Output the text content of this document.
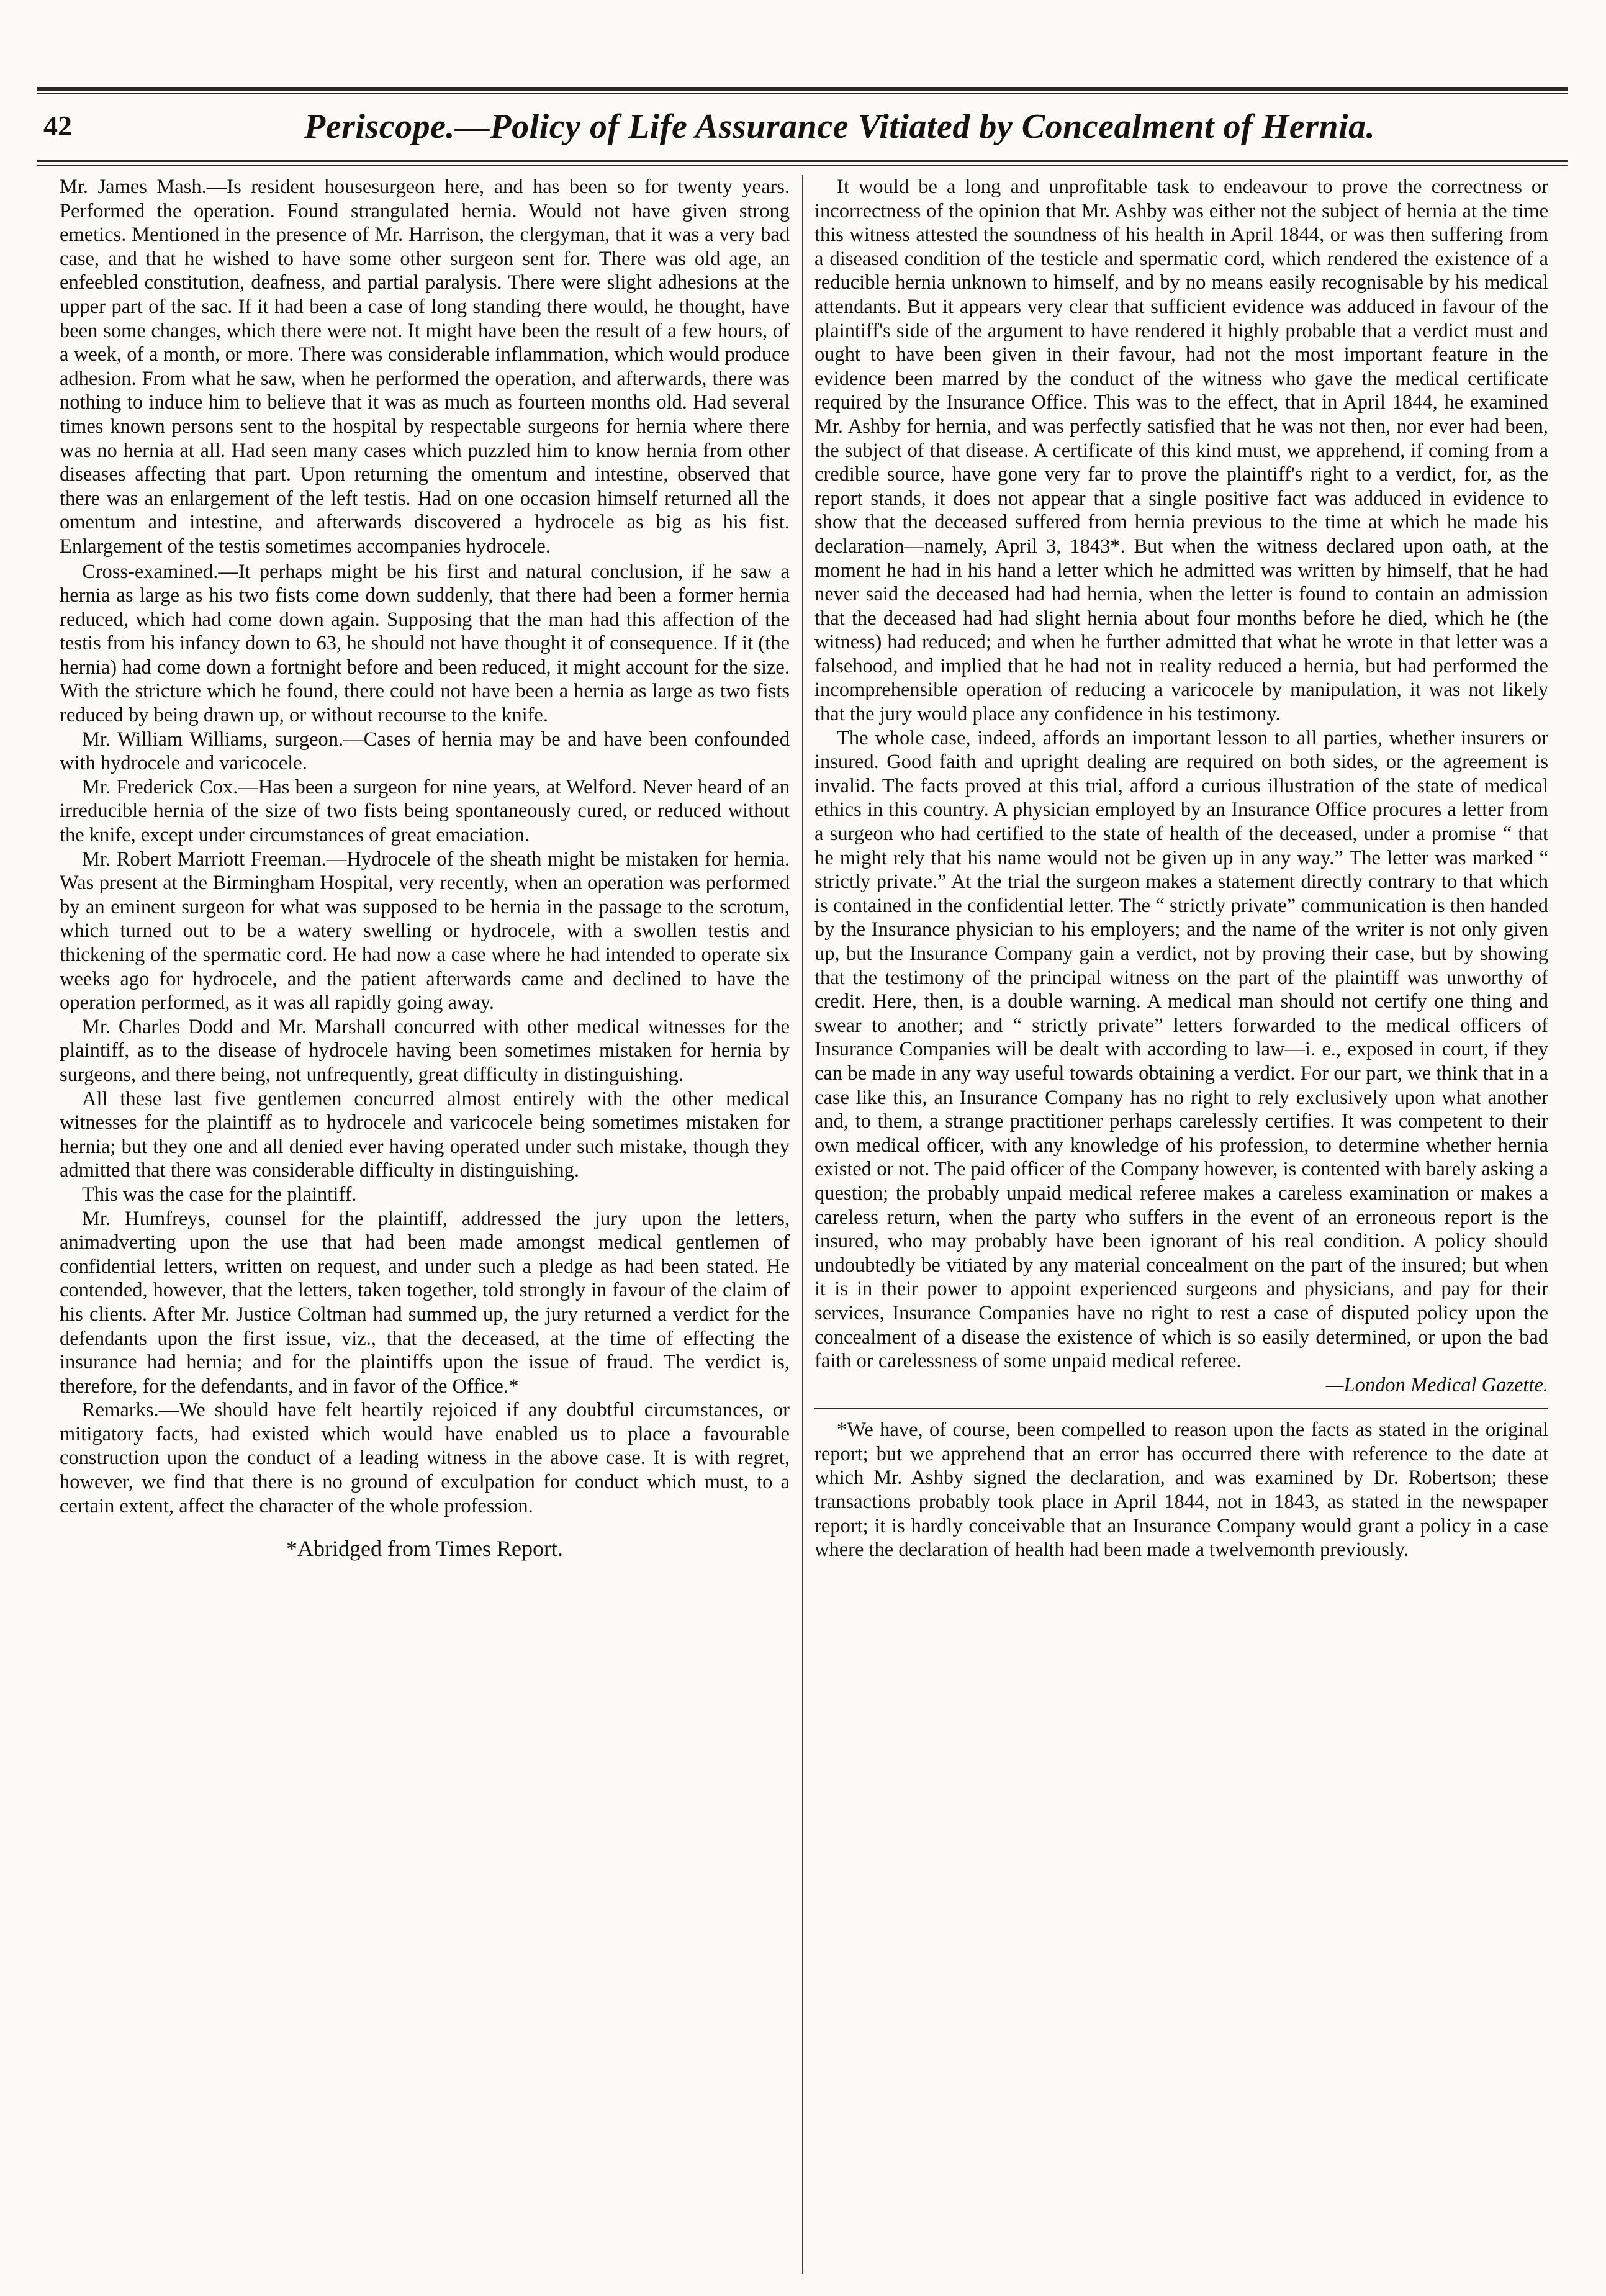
42	Periscope.—Policy of Life Assurance Vitiated by Concealment of Hernia.

Mr. James Mash.—Is resident housesurgeon here, and has been so for twenty years. Performed the operation. Found strangulated hernia. Would not have given strong emetics. Mentioned in the presence of Mr. Harrison, the clergyman, that it was a very bad case, and that he wished to have some other surgeon sent for. There was old age, an enfeebled constitution, deafness, and partial paralysis. There were slight adhesions at the upper part of the sac. If it had been a case of long standing there would, he thought, have been some changes, which there were not. It might have been the result of a few hours, of a week, of a month, or more. There was considerable inflammation, which would produce adhesion. From what he saw, when he performed the operation, and afterwards, there was nothing to induce him to believe that it was as much as fourteen months old. Had several times known persons sent to the hospital by respectable surgeons for hernia where there was no hernia at all. Had seen many cases which puzzled him to know hernia from other diseases affecting that part. Upon returning the omentum and intestine, observed that there was an enlargement of the left testis. Had on one occasion himself returned all the omentum and intestine, and afterwards discovered a hydrocele as big as his fist. Enlargement of the testis sometimes accompanies hydrocele.

Cross-examined.—It perhaps might be his first and natural conclusion, if he saw a hernia as large as his two fists come down suddenly, that there had been a former hernia reduced, which had come down again. Supposing that the man had this affection of the testis from his infancy down to 63, he should not have thought it of consequence. If it (the hernia) had come down a fortnight before and been reduced, it might account for the size. With the stricture which he found, there could not have been a hernia as large as two fists reduced by being drawn up, or without recourse to the knife.

Mr. William Williams, surgeon.—Cases of hernia may be and have been confounded with hydrocele and varicocele.

Mr. Frederick Cox.—Has been a surgeon for nine years, at Welford. Never heard of an irreducible hernia of the size of two fists being spontaneously cured, or reduced without the knife, except under circumstances of great emaciation.

Mr. Robert Marriott Freeman.—Hydrocele of the sheath might be mistaken for hernia. Was present at the Birmingham Hospital, very recently, when an operation was performed by an eminent surgeon for what was supposed to be hernia in the passage to the scrotum, which turned out to be a watery swelling or hydrocele, with a swollen testis and thickening of the spermatic cord. He had now a case where he had intended to operate six weeks ago for hydrocele, and the patient afterwards came and declined to have the operation performed, as it was all rapidly going away.

Mr. Charles Dodd and Mr. Marshall concurred with other medical witnesses for the plaintiff, as to the disease of hydrocele having been sometimes mistaken for hernia by surgeons, and there being, not unfrequently, great difficulty in distinguishing.

All these last five gentlemen concurred almost entirely with the other medical witnesses for the plaintiff as to hydrocele and varicocele being sometimes mistaken for hernia; but they one and all denied ever having operated under such mistake, though they admitted that there was considerable difficulty in distinguishing.

This was the case for the plaintiff.

Mr. Humfreys, counsel for the plaintiff, addressed the jury upon the letters, animadverting upon the use that had been made amongst medical gentlemen of confidential letters, written on request, and under such a pledge as had been stated. He contended, however, that the letters, taken together, told strongly in favour of the claim of his clients. After Mr. Justice Coltman had summed up, the jury returned a verdict for the defendants upon the first issue, viz., that the deceased, at the time of effecting the insurance had hernia; and for the plaintiffs upon the issue of fraud. The verdict is, therefore, for the defendants, and in favor of the Office.*

Remarks.—We should have felt heartily rejoiced if any doubtful circumstances, or mitigatory facts, had existed which would have enabled us to place a favourable construction upon the conduct of a leading witness in the above case. It is with regret, however, we find that there is no ground of exculpation for conduct which must, to a certain extent, affect the character of the whole profession.

*Abridged from Times Report.

It would be a long and unprofitable task to endeavour to prove the correctness or incorrectness of the opinion that Mr. Ashby was either not the subject of hernia at the time this witness attested the soundness of his health in April 1844, or was then suffering from a diseased condition of the testicle and spermatic cord, which rendered the existence of a reducible hernia unknown to himself, and by no means easily recognisable by his medical attendants. But it appears very clear that sufficient evidence was adduced in favour of the plaintiff's side of the argument to have rendered it highly probable that a verdict must and ought to have been given in their favour, had not the most important feature in the evidence been marred by the conduct of the witness who gave the medical certificate required by the Insurance Office. This was to the effect, that in April 1844, he examined Mr. Ashby for hernia, and was perfectly satisfied that he was not then, nor ever had been, the subject of that disease. A certificate of this kind must, we apprehend, if coming from a credible source, have gone very far to prove the plaintiff's right to a verdict, for, as the report stands, it does not appear that a single positive fact was adduced in evidence to show that the deceased suffered from hernia previous to the time at which he made his declaration—namely, April 3, 1843*. But when the witness declared upon oath, at the moment he had in his hand a letter which he admitted was written by himself, that he had never said the deceased had had hernia, when the letter is found to contain an admission that the deceased had had slight hernia about four months before he died, which he (the witness) had reduced; and when he further admitted that what he wrote in that letter was a falsehood, and implied that he had not in reality reduced a hernia, but had performed the incomprehensible operation of reducing a varicocele by manipulation, it was not likely that the jury would place any confidence in his testimony.

The whole case, indeed, affords an important lesson to all parties, whether insurers or insured. Good faith and upright dealing are required on both sides, or the agreement is invalid. The facts proved at this trial, afford a curious illustration of the state of medical ethics in this country. A physician employed by an Insurance Office procures a letter from a surgeon who had certified to the state of health of the deceased, under a promise “ that he might rely that his name would not be given up in any way.” The letter was marked “ strictly private.” At the trial the surgeon makes a statement directly contrary to that which is contained in the confidential letter. The “ strictly private” communication is then handed by the Insurance physician to his employers; and the name of the writer is not only given up, but the Insurance Company gain a verdict, not by proving their case, but by showing that the testimony of the principal witness on the part of the plaintiff was unworthy of credit. Here, then, is a double warning. A medical man should not certify one thing and swear to another; and “ strictly private” letters forwarded to the medical officers of Insurance Companies will be dealt with according to law—i. e., exposed in court, if they can be made in any way useful towards obtaining a verdict. For our part, we think that in a case like this, an Insurance Company has no right to rely exclusively upon what another and, to them, a strange practitioner perhaps carelessly certifies. It was competent to their own medical officer, with any knowledge of his profession, to determine whether hernia existed or not. The paid officer of the Company however, is contented with barely asking a question; the probably unpaid medical referee makes a careless examination or makes a careless return, when the party who suffers in the event of an erroneous report is the insured, who may probably have been ignorant of his real condition. A policy should undoubtedly be vitiated by any material concealment on the part of the insured; but when it is in their power to appoint experienced surgeons and physicians, and pay for their services, Insurance Companies have no right to rest a case of disputed policy upon the concealment of a disease the existence of which is so easily determined, or upon the bad faith or carelessness of some unpaid medical referee.

—London Medical Gazette.

*We have, of course, been compelled to reason upon the facts as stated in the original report; but we apprehend that an error has occurred there with reference to the date at which Mr. Ashby signed the declaration, and was examined by Dr. Robertson; these transactions probably took place in April 1844, not in 1843, as stated in the newspaper report; it is hardly conceivable that an Insurance Company would grant a policy in a case where the declaration of health had been made a twelvemonth previously.
